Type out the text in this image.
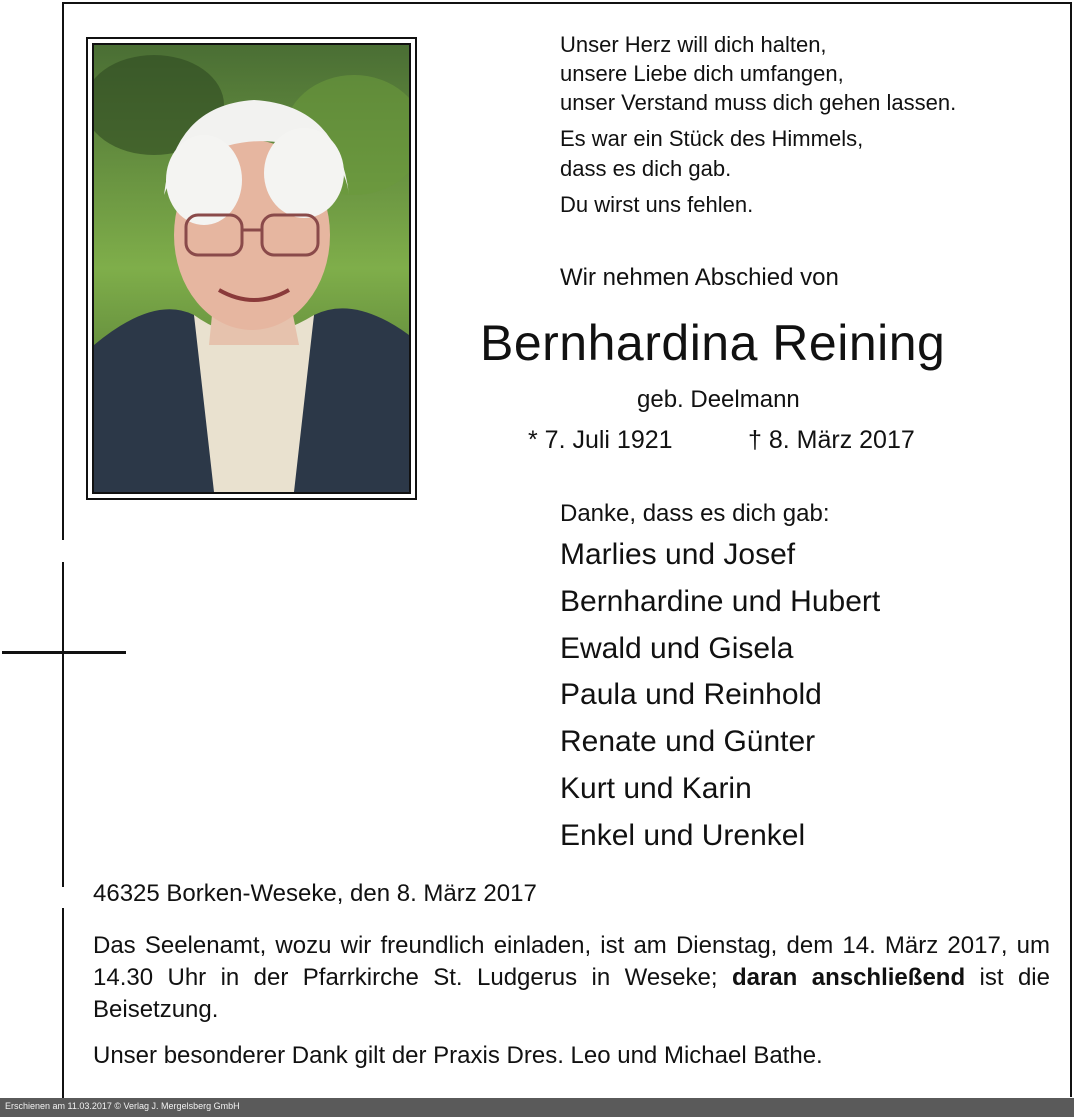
Unser Herz will dich halten,
unsere Liebe dich umfangen,
unser Verstand muss dich gehen lassen.
Es war ein Stück des Himmels,
dass es dich gab.
Du wirst uns fehlen.
Wir nehmen Abschied von
Bernhardina Reining
geb. Deelmann
* 7. Juli 1921	† 8. März 2017
Danke, dass es dich gab:
Marlies und Josef
Bernhardine und Hubert
Ewald und Gisela
Paula und Reinhold
Renate und Günter
Kurt und Karin
Enkel und Urenkel
46325 Borken-Weseke, den 8. März 2017
Das Seelenamt, wozu wir freundlich einladen, ist am Dienstag, dem 14. März 2017, um 14.30 Uhr in der Pfarrkirche St. Ludgerus in Weseke; daran anschließend ist die Beisetzung.
Unser besonderer Dank gilt der Praxis Dres. Leo und Michael Bathe.
Erschienen am 11.03.2017 © Verlag J. Mergelsberg GmbH
